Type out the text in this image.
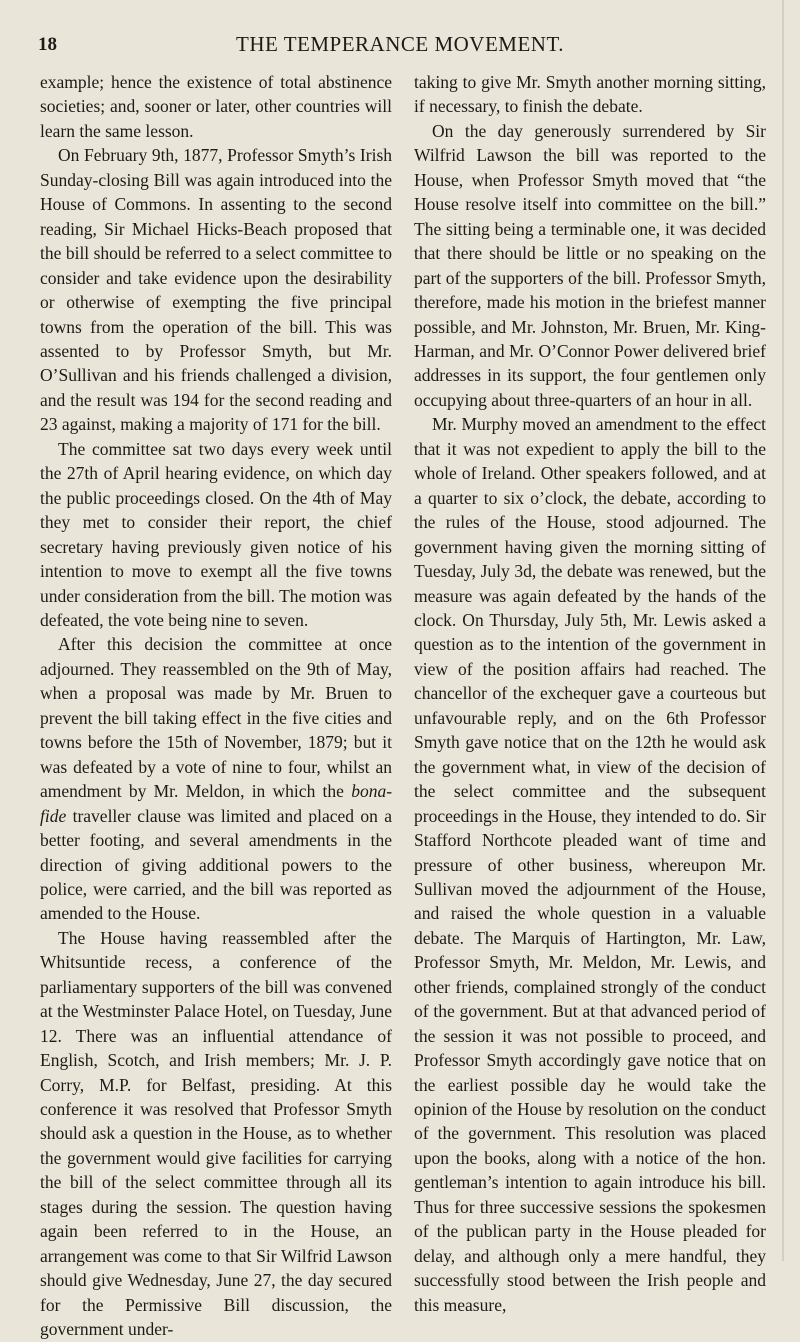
18	THE TEMPERANCE MOVEMENT.

example; hence the existence of total abstinence societies; and, sooner or later, other countries will learn the same lesson.

On February 9th, 1877, Professor Smyth’s Irish Sunday-closing Bill was again introduced into the House of Commons. In assenting to the second reading, Sir Michael Hicks-Beach proposed that the bill should be referred to a select committee to consider and take evidence upon the desirability or otherwise of exempting the five principal towns from the operation of the bill. This was assented to by Professor Smyth, but Mr. O’Sullivan and his friends challenged a division, and the result was 194 for the second reading and 23 against, making a majority of 171 for the bill.

The committee sat two days every week until the 27th of April hearing evidence, on which day the public proceedings closed. On the 4th of May they met to consider their report, the chief secretary having previously given notice of his intention to move to exempt all the five towns under consideration from the bill. The motion was defeated, the vote being nine to seven.

After this decision the committee at once adjourned. They reassembled on the 9th of May, when a proposal was made by Mr. Bruen to prevent the bill taking effect in the five cities and towns before the 15th of November, 1879; but it was defeated by a vote of nine to four, whilst an amendment by Mr. Meldon, in which the bona-fide traveller clause was limited and placed on a better footing, and several amendments in the direction of giving additional powers to the police, were carried, and the bill was reported as amended to the House.

The House having reassembled after the Whitsuntide recess, a conference of the parliamentary supporters of the bill was convened at the Westminster Palace Hotel, on Tuesday, June 12. There was an influential attendance of English, Scotch, and Irish members; Mr. J. P. Corry, M.P. for Belfast, presiding. At this conference it was resolved that Professor Smyth should ask a question in the House, as to whether the government would give facilities for carrying the bill of the select committee through all its stages during the session. The question having again been referred to in the House, an arrangement was come to that Sir Wilfrid Lawson should give Wednesday, June 27, the day secured for the Permissive Bill discussion, the government under-

taking to give Mr. Smyth another morning sitting, if necessary, to finish the debate.

On the day generously surrendered by Sir Wilfrid Lawson the bill was reported to the House, when Professor Smyth moved that “the House resolve itself into committee on the bill.” The sitting being a terminable one, it was decided that there should be little or no speaking on the part of the supporters of the bill. Professor Smyth, therefore, made his motion in the briefest manner possible, and Mr. Johnston, Mr. Bruen, Mr. King-Harman, and Mr. O’Connor Power delivered brief addresses in its support, the four gentlemen only occupying about three-quarters of an hour in all.

Mr. Murphy moved an amendment to the effect that it was not expedient to apply the bill to the whole of Ireland. Other speakers followed, and at a quarter to six o’clock, the debate, according to the rules of the House, stood adjourned. The government having given the morning sitting of Tuesday, July 3d, the debate was renewed, but the measure was again defeated by the hands of the clock. On Thursday, July 5th, Mr. Lewis asked a question as to the intention of the government in view of the position affairs had reached. The chancellor of the exchequer gave a courteous but unfavourable reply, and on the 6th Professor Smyth gave notice that on the 12th he would ask the government what, in view of the decision of the select committee and the subsequent proceedings in the House, they intended to do. Sir Stafford Northcote pleaded want of time and pressure of other business, whereupon Mr. Sullivan moved the adjournment of the House, and raised the whole question in a valuable debate. The Marquis of Hartington, Mr. Law, Professor Smyth, Mr. Meldon, Mr. Lewis, and other friends, complained strongly of the conduct of the government. But at that advanced period of the session it was not possible to proceed, and Professor Smyth accordingly gave notice that on the earliest possible day he would take the opinion of the House by resolution on the conduct of the government. This resolution was placed upon the books, along with a notice of the hon. gentleman’s intention to again introduce his bill. Thus for three successive sessions the spokesmen of the publican party in the House pleaded for delay, and although only a mere handful, they successfully stood between the Irish people and this measure,
